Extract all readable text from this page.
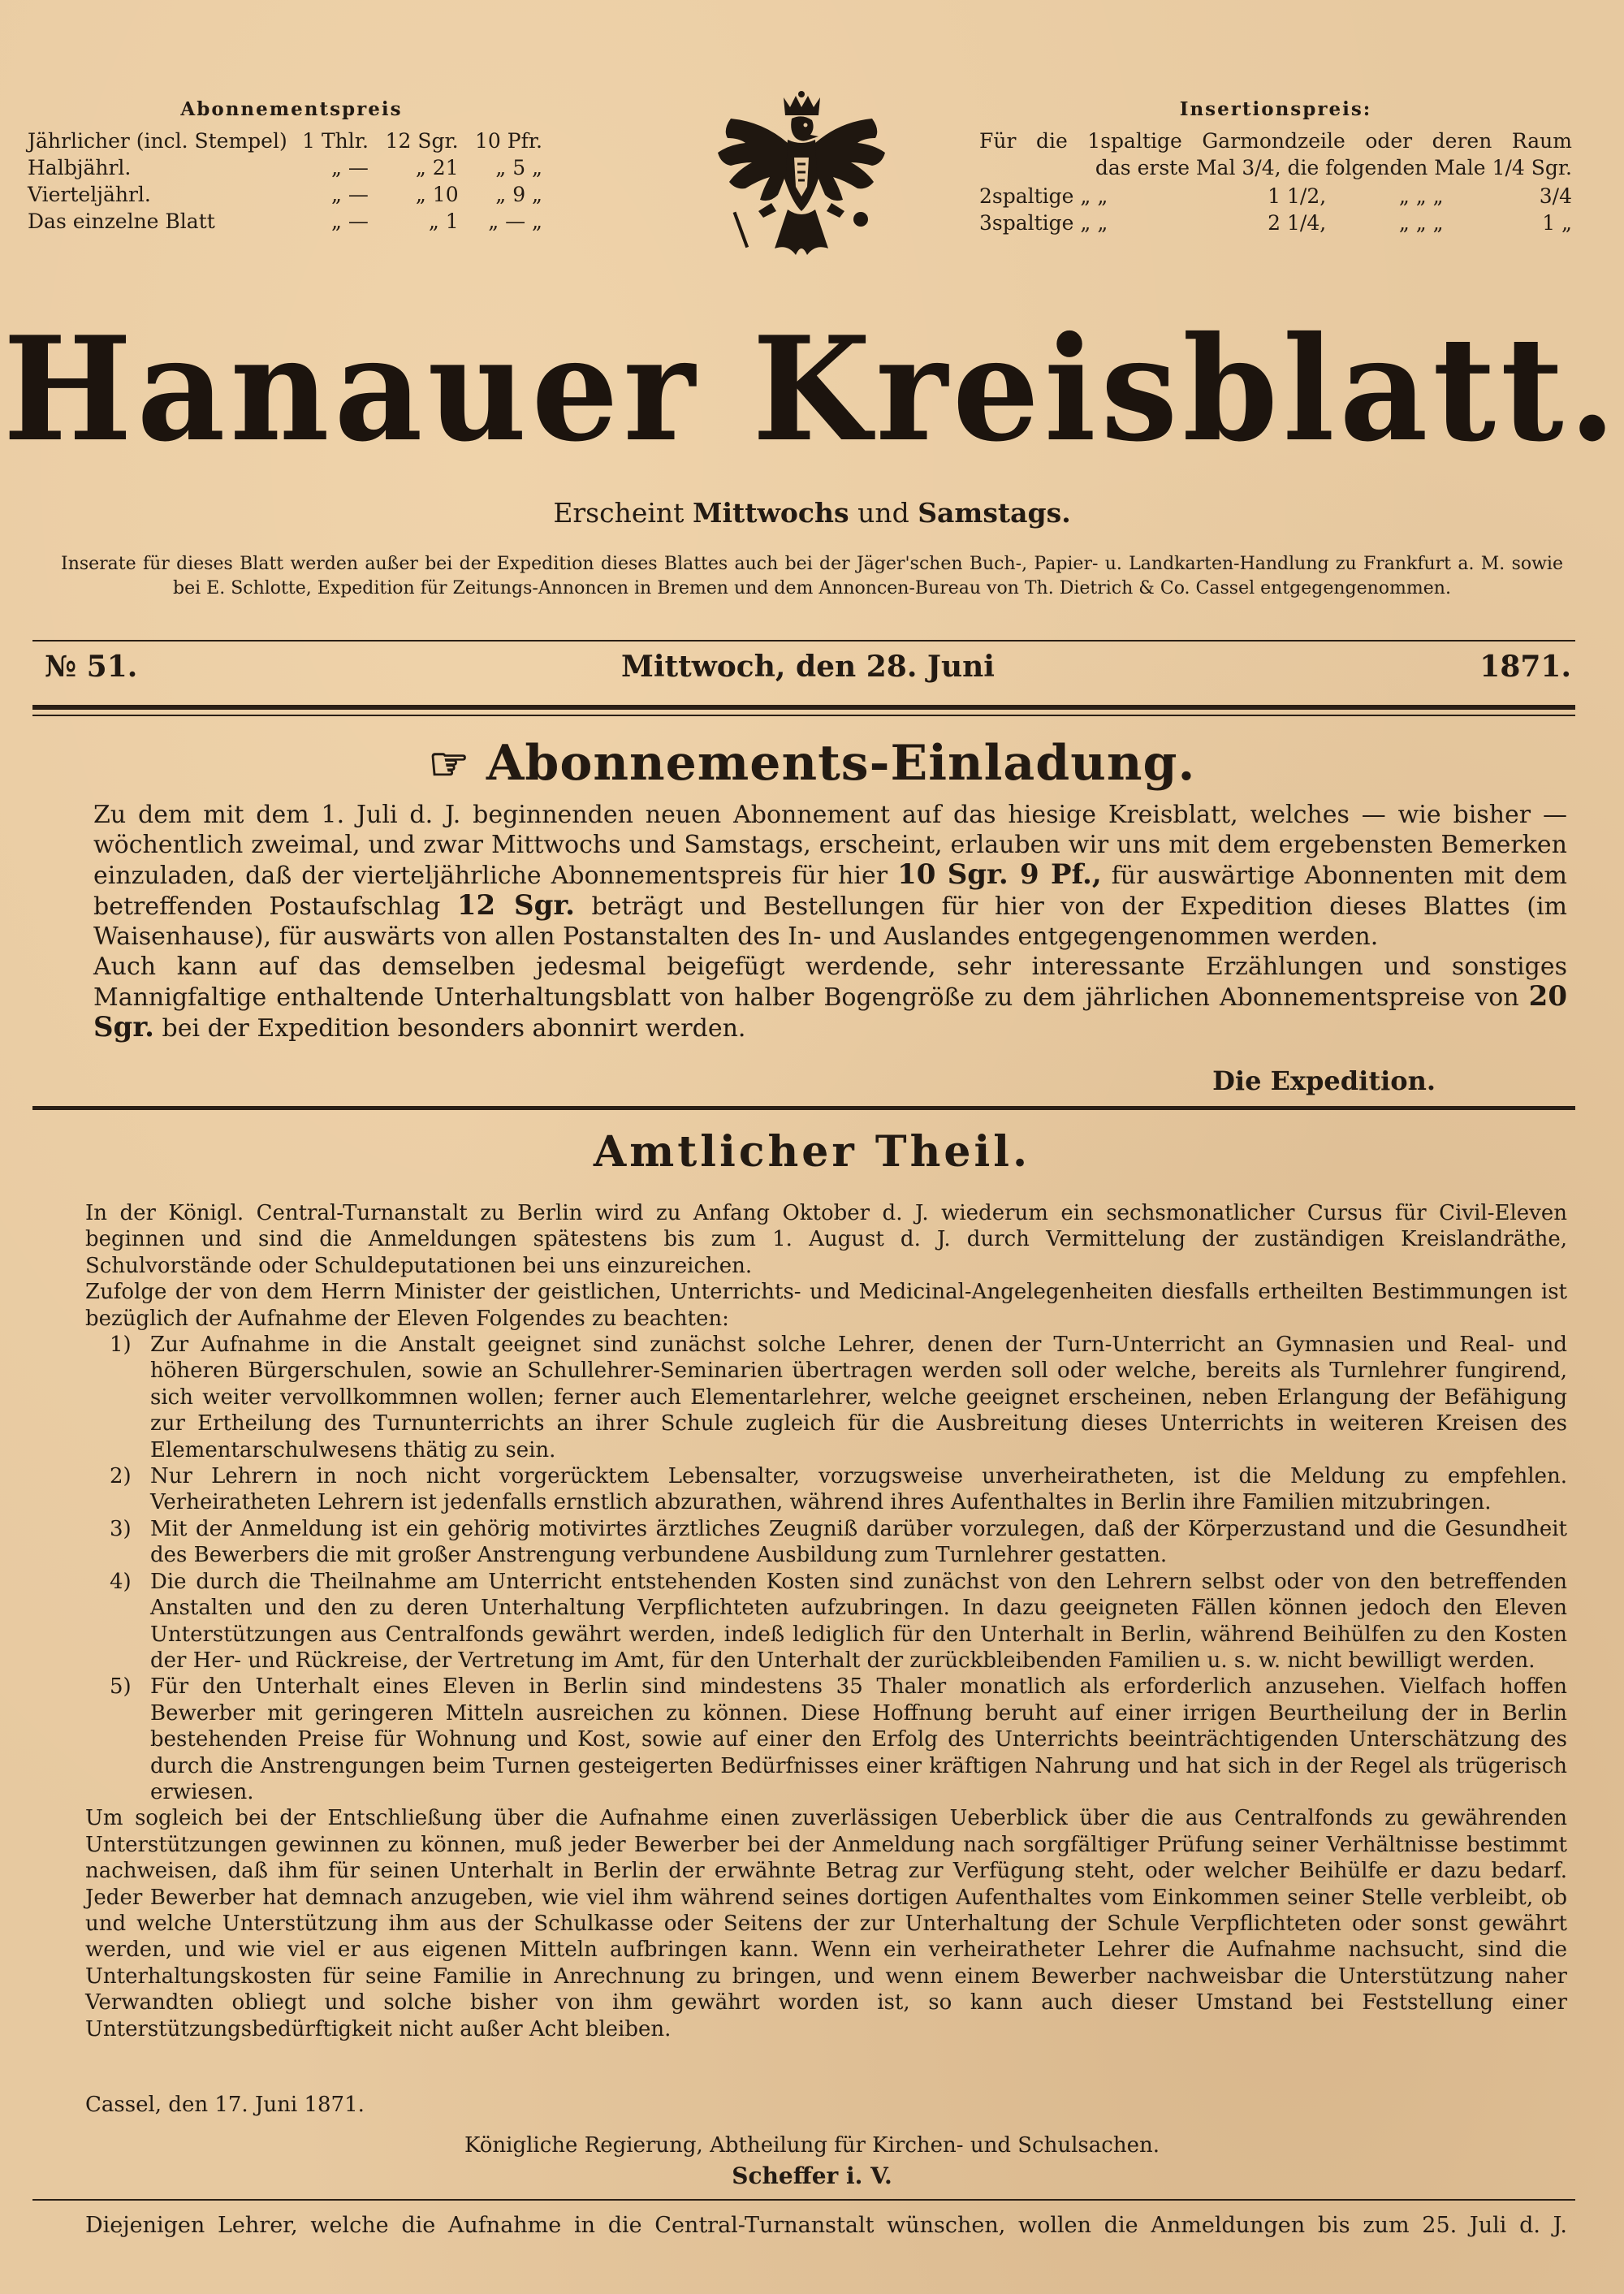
Abonnementspreis
Jährlicher (incl. Stempel)	1 Thlr.	12 Sgr.	10 Pfr.
Halbjährl.	„ —	„ 21	„ 5 „
Vierteljährl.	„ —	„ 10	„ 9 „
Das einzelne Blatt	„ —	„ 1	„ — „
Insertionspreis:

Für die 1spaltige Garmondzeile oder deren Raum

das erste Mal 3/4, die folgenden Male 1/4 Sgr.

2spaltige „ „	1 1/2,	„ „ „	3/4
3spaltige „ „	2 1/4,	„ „ „	1 „
Hanauer Kreisblatt.
Erscheint Mittwochs und Samstags.
Inserate für dieses Blatt werden außer bei der Expedition dieses Blattes auch bei der Jäger'schen Buch-, Papier- u. Landkarten-Handlung zu Frankfurt a. M. sowie bei E. Schlotte, Expedition für Zeitungs-Annoncen in Bremen und dem Annoncen-Bureau von Th. Dietrich & Co. Cassel entgegengenommen.
№ 51.	Mittwoch, den 28. Juni	1871.
☞ Abonnements-Einladung.

Zu dem mit dem 1. Juli d. J. beginnenden neuen Abonnement auf das hiesige Kreisblatt, welches — wie bisher — wöchentlich zweimal, und zwar Mittwochs und Samstags, erscheint, erlauben wir uns mit dem ergebensten Bemerken einzuladen, daß der vierteljährliche Abonnementspreis für hier 10 Sgr. 9 Pf., für auswärtige Abonnenten mit dem betreffenden Postaufschlag 12 Sgr. beträgt und Bestellungen für hier von der Expedition dieses Blattes (im Waisenhause), für auswärts von allen Postanstalten des In- und Auslandes entgegengenommen werden.

Auch kann auf das demselben jedesmal beigefügt werdende, sehr interessante Erzählungen und sonstiges Mannigfaltige enthaltende Unterhaltungsblatt von halber Bogengröße zu dem jährlichen Abonnementspreise von 20 Sgr. bei der Expedition besonders abonnirt werden.

Die Expedition.
Amtlicher Theil.

In der Königl. Central-Turnanstalt zu Berlin wird zu Anfang Oktober d. J. wiederum ein sechsmonatlicher Cursus für Civil-Eleven beginnen und sind die Anmeldungen spätestens bis zum 1. August d. J. durch Vermittelung der zuständigen Kreislandräthe, Schulvorstände oder Schuldeputationen bei uns einzureichen.

Zufolge der von dem Herrn Minister der geistlichen, Unterrichts- und Medicinal-Angelegenheiten diesfalls ertheilten Bestimmungen ist bezüglich der Aufnahme der Eleven Folgendes zu beachten:

1) Zur Aufnahme in die Anstalt geeignet sind zunächst solche Lehrer, denen der Turn-Unterricht an Gymnasien und Real- und höheren Bürgerschulen, sowie an Schullehrer-Seminarien übertragen werden soll oder welche, bereits als Turnlehrer fungirend, sich weiter vervollkommnen wollen; ferner auch Elementarlehrer, welche geeignet erscheinen, neben Erlangung der Befähigung zur Ertheilung des Turnunterrichts an ihrer Schule zugleich für die Ausbreitung dieses Unterrichts in weiteren Kreisen des Elementarschulwesens thätig zu sein.

2) Nur Lehrern in noch nicht vorgerücktem Lebensalter, vorzugsweise unverheiratheten, ist die Meldung zu empfehlen. Verheiratheten Lehrern ist jedenfalls ernstlich abzurathen, während ihres Aufenthaltes in Berlin ihre Familien mitzubringen.

3) Mit der Anmeldung ist ein gehörig motivirtes ärztliches Zeugniß darüber vorzulegen, daß der Körperzustand und die Gesundheit des Bewerbers die mit großer Anstrengung verbundene Ausbildung zum Turnlehrer gestatten.

4) Die durch die Theilnahme am Unterricht entstehenden Kosten sind zunächst von den Lehrern selbst oder von den betreffenden Anstalten und den zu deren Unterhaltung Verpflichteten aufzubringen. In dazu geeigneten Fällen können jedoch den Eleven Unterstützungen aus Centralfonds gewährt werden, indeß lediglich für den Unterhalt in Berlin, während Beihülfen zu den Kosten der Her- und Rückreise, der Vertretung im Amt, für den Unterhalt der zurückbleibenden Familien u. s. w. nicht bewilligt werden.

5) Für den Unterhalt eines Eleven in Berlin sind mindestens 35 Thaler monatlich als erforderlich anzusehen. Vielfach hoffen Bewerber mit geringeren Mitteln ausreichen zu können. Diese Hoffnung beruht auf einer irrigen Beurtheilung der in Berlin bestehenden Preise für Wohnung und Kost, sowie auf einer den Erfolg des Unterrichts beeinträchtigenden Unterschätzung des durch die Anstrengungen beim Turnen gesteigerten Bedürfnisses einer kräftigen Nahrung und hat sich in der Regel als trügerisch erwiesen.

Um sogleich bei der Entschließung über die Aufnahme einen zuverlässigen Ueberblick über die aus Centralfonds zu gewährenden Unterstützungen gewinnen zu können, muß jeder Bewerber bei der Anmeldung nach sorgfältiger Prüfung seiner Verhältnisse bestimmt nachweisen, daß ihm für seinen Unterhalt in Berlin der erwähnte Betrag zur Verfügung steht, oder welcher Beihülfe er dazu bedarf. Jeder Bewerber hat demnach anzugeben, wie viel ihm während seines dortigen Aufenthaltes vom Einkommen seiner Stelle verbleibt, ob und welche Unterstützung ihm aus der Schulkasse oder Seitens der zur Unterhaltung der Schule Verpflichteten oder sonst gewährt werden, und wie viel er aus eigenen Mitteln aufbringen kann. Wenn ein verheiratheter Lehrer die Aufnahme nachsucht, sind die Unterhaltungskosten für seine Familie in Anrechnung zu bringen, und wenn einem Bewerber nachweisbar die Unterstützung naher Verwandten obliegt und solche bisher von ihm gewährt worden ist, so kann auch dieser Umstand bei Feststellung einer Unterstützungsbedürftigkeit nicht außer Acht bleiben.

Cassel, den 17. Juni 1871.
Königliche Regierung, Abtheilung für Kirchen- und Schulsachen.
Scheffer i. V.
Diejenigen Lehrer, welche die Aufnahme in die Central-Turnanstalt wünschen, wollen die Anmeldungen bis zum 25. Juli d. J.
